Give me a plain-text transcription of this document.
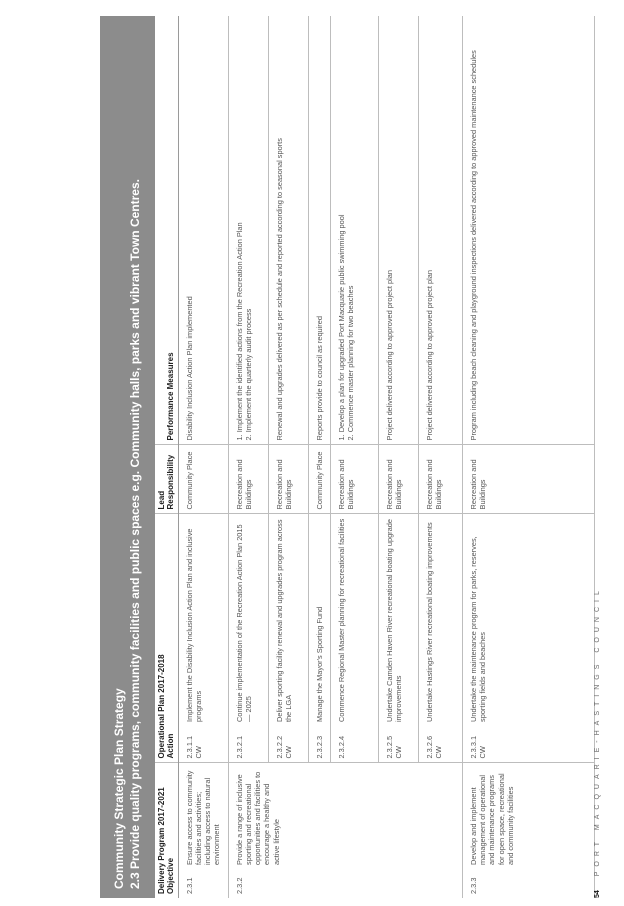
Community Strategic Plan Strategy 2.3 Provide quality programs, community facilities and public spaces e.g. Community halls, parks and vibrant Town Centres. Delivery Program 2017-2021 Objective		Operational Plan 2017-2018 Action		Lead Responsibility	Performance Measures

2.3.1	Ensure access to community facilities and activities; including access to natural environment	2.3.1.1 CW	Implement the Disability Inclusion Action Plan and inclusive programs	Community Place	Disability Inclusion Action Plan implemented

2.3.2	Provide a range of inclusive sporting and recreational opportunities and facilities to encourage a healthy and active lifestyle	2.3.2.1	Continue implementation of the Recreation Action Plan 2015 — 2025	Recreation and Buildings	1. Implement the identified actions from the Recreation Action Plan 2. Implement the quarterly audit process

		2.3.2.2 CW	Deliver sporting facility renewal and upgrades program across the LGA	Recreation and Buildings	Renewal and upgrades delivered as per schedule and reported according to seasonal sports

		2.3.2.3	Manage the Mayor's Sporting Fund	Community Place	Reports provide to council as required

		2.3.2.4	Commence Regional Master planning for recreational facilities	Recreation and Buildings	1. Develop a plan for upgraded Port Macquarie public swimming pool 2. Commence master planning for two beaches

		2.3.2.5 CW	Undertake Camden Haven River recreational boating upgrade improvements	Recreation and Buildings	Project delivered according to approved project plan

		2.3.2.6 CW	Undertake Hastings River recreational boating improvements	Recreation and Buildings	Project delivered according to approved project plan

2.3.3	Develop and implement management of operational and maintenance programs for open space, recreational and community facilities	2.3.3.1 CW	Undertake the maintenance program for parks, reserves, sporting fields and beaches	Recreation and Buildings	Program including beach cleaning and playground inspections delivered according to approved maintenance schedules
54 PORT MACQUARIE-HASTINGS COUNCIL
